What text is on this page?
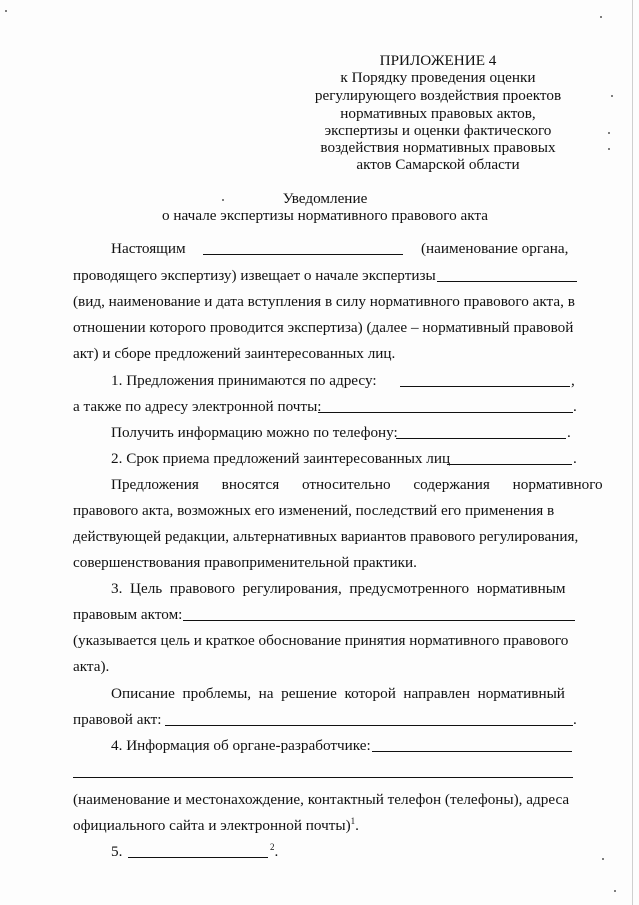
ПРИЛОЖЕНИЕ 4
к Порядку проведения оценки
регулирующего воздействия проектов
нормативных правовых актов,
экспертизы и оценки фактического
воздействия нормативных правовых
актов Самарской области
Уведомление
о начале экспертизы нормативного правового акта
Настоящим	(наименование органа,
проводящего экспертизу) извещает о начале экспертизы
(вид, наименование и дата вступления в силу нормативного правового акта, в
отношении которого проводится экспертиза) (далее – нормативный правовой
акт) и сборе предложений заинтересованных лиц.
1. Предложения принимаются по адресу:	,
а также по адресу электронной почты:	.
Получить информацию можно по телефону:	.
2. Срок приема предложений заинтересованных лиц	.
Предложения      вносятся      относительно      содержания      нормативного
правового акта, возможных его изменений, последствий его применения в
действующей редакции, альтернативных вариантов правового регулирования,
совершенствования правоприменительной практики.
3.  Цель  правового  регулирования,  предусмотренного  нормативным
правовым актом:
(указывается цель и краткое обоснование принятия нормативного правового
акта).
Описание  проблемы,  на  решение  которой  направлен  нормативный
правовой акт:	.
4. Информация об органе-разработчике:
(наименование и местонахождение, контактный телефон (телефоны), адреса
официального сайта и электронной почты)$^1$.
5.	$^2$.
